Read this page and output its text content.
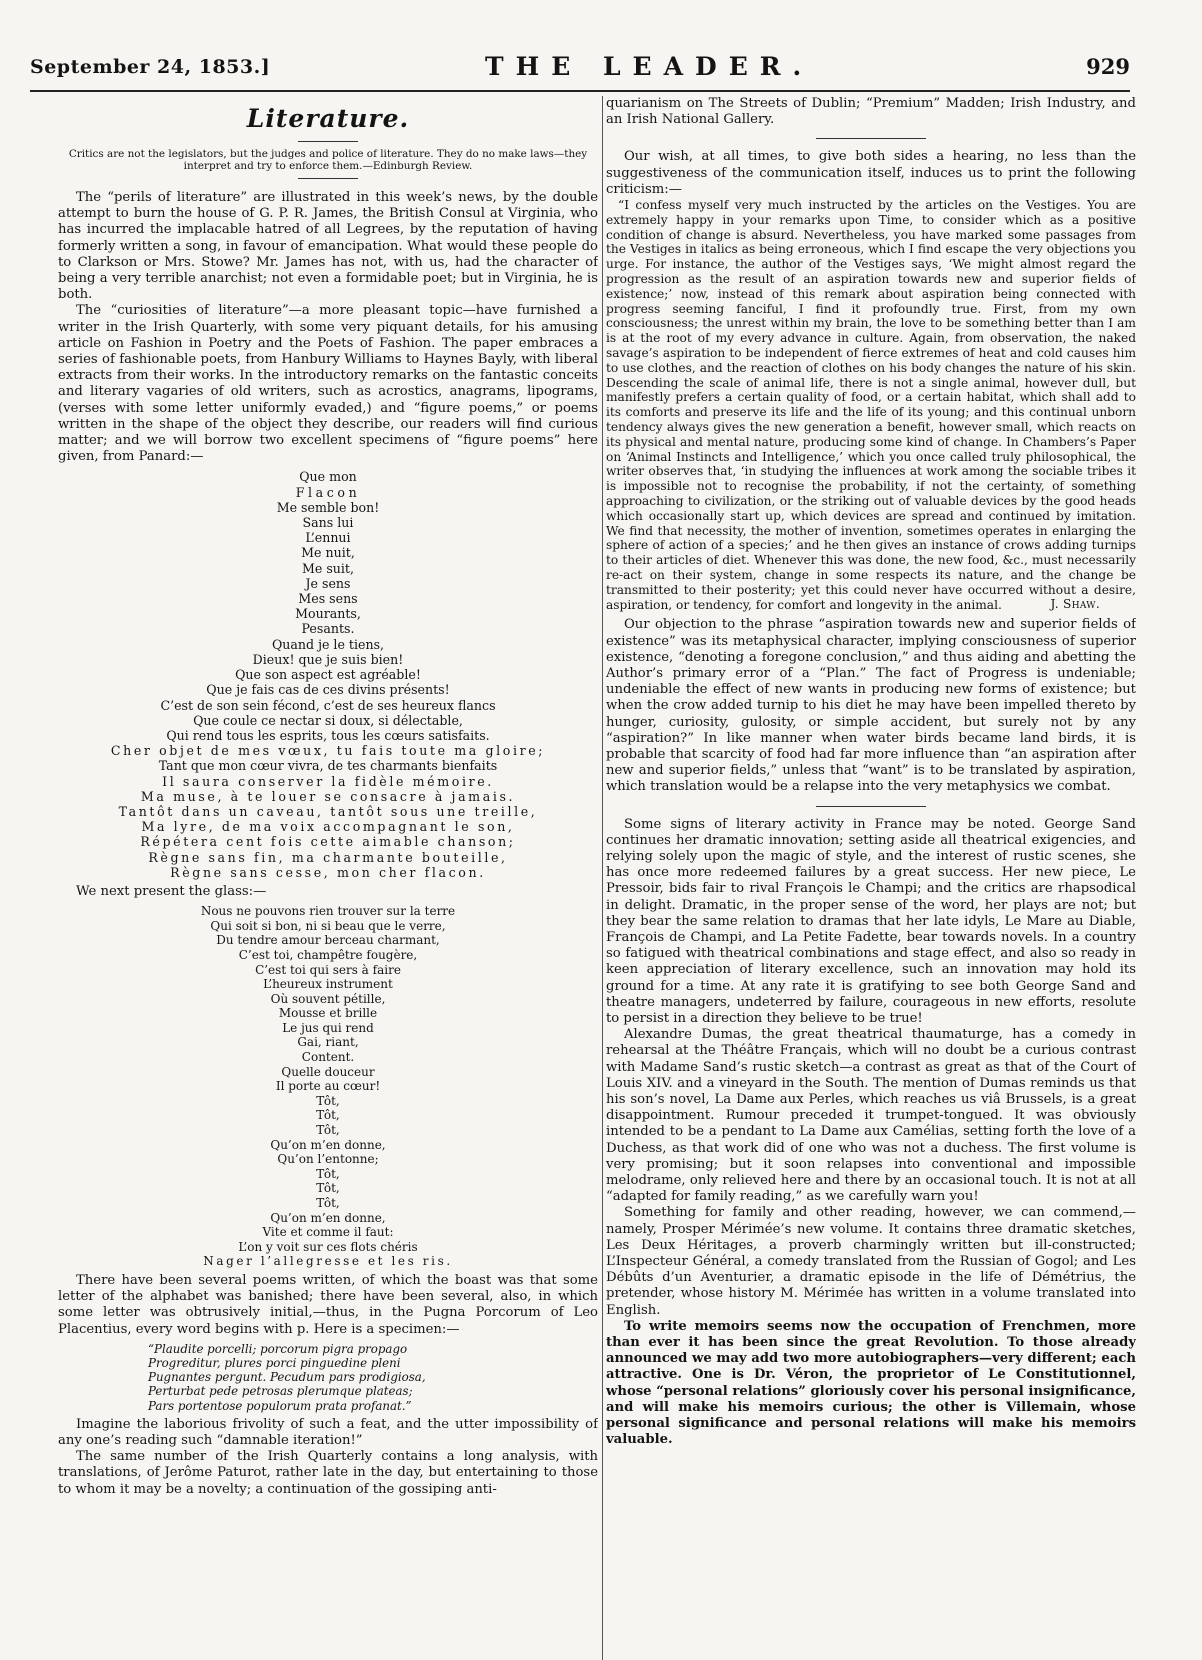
September 24, 1853.]	THE LEADER.	929
Literature.
Critics are not the legislators, but the judges and police of literature. They do no make laws—they interpret and try to enforce them.—Edinburgh Review.

The “perils of literature” are illustrated in this week’s news, by the double attempt to burn the house of G. P. R. James, the British Consul at Virginia, who has incurred the implacable hatred of all Legrees, by the reputation of having formerly written a song, in favour of emancipation. What would these people do to Clarkson or Mrs. Stowe? Mr. James has not, with us, had the character of being a very terrible anarchist; not even a formidable poet; but in Virginia, he is both.

The “curiosities of literature”—a more pleasant topic—have furnished a writer in the Irish Quarterly, with some very piquant details, for his amusing article on Fashion in Poetry and the Poets of Fashion. The paper embraces a series of fashionable poets, from Hanbury Williams to Haynes Bayly, with liberal extracts from their works. In the introductory remarks on the fantastic conceits and literary vagaries of old writers, such as acrostics, anagrams, lipograms, (verses with some letter uniformly evaded,) and “figure poems,” or poems written in the shape of the object they describe, our readers will find curious matter; and we will borrow two excellent specimens of “figure poems” here given, from Panard:—

Que mon
Flacon
Me semble bon!
Sans lui
L’ennui
Me nuit,
Me suit,
Je sens
Mes sens
Mourants,
Pesants.
Quand je le tiens,
Dieux! que je suis bien!
Que son aspect est agréable!
Que je fais cas de ces divins présents!
C’est de son sein fécond, c’est de ses heureux flancs
Que coule ce nectar si doux, si délectable,
Qui rend tous les esprits, tous les cœurs satisfaits.
Cher objet de mes vœux, tu fais toute ma gloire;
Tant que mon cœur vivra, de tes charmants bienfaits
Il saura conserver la fidèle mémoire.
Ma muse, à te louer se consacre à jamais.
Tantôt dans un caveau, tantôt sous une treille,
Ma lyre, de ma voix accompagnant le son,
Répétera cent fois cette aimable chanson;
Règne sans fin, ma charmante bouteille,
Règne sans cesse, mon cher flacon.

We next present the glass:—

Nous ne pouvons rien trouver sur la terre
Qui soit si bon, ni si beau que le verre,
Du tendre amour berceau charmant,
C’est toi, champêtre fougère,
C’est toi qui sers à faire
L’heureux instrument
Où souvent pétille,
Mousse et brille
Le jus qui rend
Gai, riant,
Content.
Quelle douceur
Il porte au cœur!
Tôt,
Tôt,
Tôt,
Qu’on m’en donne,
Qu’on l’entonne;
Tôt,
Tôt,
Tôt,
Qu’on m’en donne,
Vite et comme il faut:
L’on y voit sur ces flots chéris
Nager l’allegresse et les ris.

There have been several poems written, of which the boast was that some letter of the alphabet was banished; there have been several, also, in which some letter was obtrusively initial,—thus, in the Pugna Porcorum of Leo Placentius, every word begins with p. Here is a specimen:—

“Plaudite porcelli; porcorum pigra propago
Progreditur, plures porci pinguedine pleni
Pugnantes pergunt. Pecudum pars prodigiosa,
Perturbat pede petrosas plerumque plateas;
Pars portentose populorum prata profanat.”

Imagine the laborious frivolity of such a feat, and the utter impossibility of any one’s reading such “damnable iteration!”

The same number of the Irish Quarterly contains a long analysis, with translations, of Jerôme Paturot, rather late in the day, but entertaining to those to whom it may be a novelty; a continuation of the gossiping anti-

quarianism on The Streets of Dublin; “Premium” Madden; Irish Industry, and an Irish National Gallery.

Our wish, at all times, to give both sides a hearing, no less than the suggestiveness of the communication itself, induces us to print the following criticism:—

“I confess myself very much instructed by the articles on the Vestiges. You are extremely happy in your remarks upon Time, to consider which as a positive condition of change is absurd. Nevertheless, you have marked some passages from the Vestiges in italics as being erroneous, which I find escape the very objections you urge. For instance, the author of the Vestiges says, ‘We might almost regard the progression as the result of an aspiration towards new and superior fields of existence;’ now, instead of this remark about aspiration being connected with progress seeming fanciful, I find it profoundly true. First, from my own consciousness; the unrest within my brain, the love to be something better than I am is at the root of my every advance in culture. Again, from observation, the naked savage’s aspiration to be independent of fierce extremes of heat and cold causes him to use clothes, and the reaction of clothes on his body changes the nature of his skin. Descending the scale of animal life, there is not a single animal, however dull, but manifestly prefers a certain quality of food, or a certain habitat, which shall add to its comforts and preserve its life and the life of its young; and this continual unborn tendency always gives the new generation a benefit, however small, which reacts on its physical and mental nature, producing some kind of change. In Chambers’s Paper on ‘Animal Instincts and Intelligence,’ which you once called truly philosophical, the writer observes that, ‘in studying the influences at work among the sociable tribes it is impossible not to recognise the probability, if not the certainty, of something approaching to civilization, or the striking out of valuable devices by the good heads which occasionally start up, which devices are spread and continued by imitation. We find that necessity, the mother of invention, sometimes operates in enlarging the sphere of action of a species;’ and he then gives an instance of crows adding turnips to their articles of diet. Whenever this was done, the new food, &c., must necessarily re-act on their system, change in some respects its nature, and the change be transmitted to their posterity; yet this could never have occurred without a desire, aspiration, or tendency, for comfort and longevity in the animal.	J. Shaw.

Our objection to the phrase “aspiration towards new and superior fields of existence” was its metaphysical character, implying consciousness of superior existence, “denoting a foregone conclusion,” and thus aiding and abetting the Author’s primary error of a “Plan.” The fact of Progress is undeniable; undeniable the effect of new wants in producing new forms of existence; but when the crow added turnip to his diet he may have been impelled thereto by hunger, curiosity, gulosity, or simple accident, but surely not by any “aspiration?” In like manner when water birds became land birds, it is probable that scarcity of food had far more influence than “an aspiration after new and superior fields,” unless that “want” is to be translated by aspiration, which translation would be a relapse into the very metaphysics we combat.

Some signs of literary activity in France may be noted. George Sand continues her dramatic innovation; setting aside all theatrical exigencies, and relying solely upon the magic of style, and the interest of rustic scenes, she has once more redeemed failures by a great success. Her new piece, Le Pressoir, bids fair to rival François le Champi; and the critics are rhapsodical in delight. Dramatic, in the proper sense of the word, her plays are not; but they bear the same relation to dramas that her late idyls, Le Mare au Diable, François de Champi, and La Petite Fadette, bear towards novels. In a country so fatigued with theatrical combinations and stage effect, and also so ready in keen appreciation of literary excellence, such an innovation may hold its ground for a time. At any rate it is gratifying to see both George Sand and theatre managers, undeterred by failure, courageous in new efforts, resolute to persist in a direction they believe to be true!

Alexandre Dumas, the great theatrical thaumaturge, has a comedy in rehearsal at the Théâtre Français, which will no doubt be a curious contrast with Madame Sand’s rustic sketch—a contrast as great as that of the Court of Louis XIV. and a vineyard in the South. The mention of Dumas reminds us that his son’s novel, La Dame aux Perles, which reaches us viâ Brussels, is a great disappointment. Rumour preceded it trumpet-tongued. It was obviously intended to be a pendant to La Dame aux Camélias, setting forth the love of a Duchess, as that work did of one who was not a duchess. The first volume is very promising; but it soon relapses into conventional and impossible melodrame, only relieved here and there by an occasional touch. It is not at all “adapted for family reading,” as we carefully warn you!

Something for family and other reading, however, we can commend,—namely, Prosper Mérimée’s new volume. It contains three dramatic sketches, Les Deux Héritages, a proverb charmingly written but ill-constructed; L’Inspecteur Général, a comedy translated from the Russian of Gogol; and Les Débûts d’un Aventurier, a dramatic episode in the life of Démétrius, the pretender, whose history M. Mérimée has written in a volume translated into English.

To write memoirs seems now the occupation of Frenchmen, more than ever it has been since the great Revolution. To those already announced we may add two more autobiographers—very different; each attractive. One is Dr. Véron, the proprietor of Le Constitutionnel, whose “personal relations” gloriously cover his personal insignificance, and will make his memoirs curious; the other is Villemain, whose personal significance and personal relations will make his memoirs valuable.
